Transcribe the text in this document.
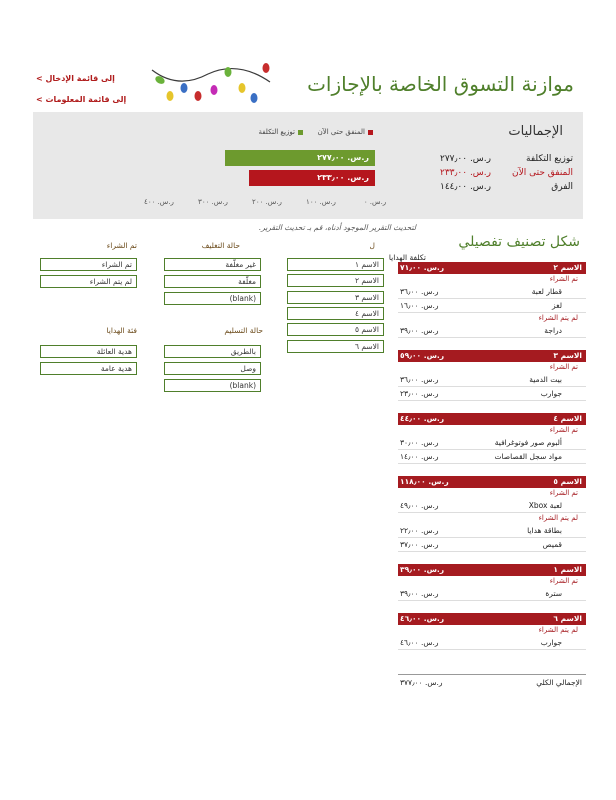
موازنة التسوق الخاصة بالإجازات
إلى قائمة الإدخال >
إلى قائمة المعلومات >
الإجماليات
توزيع التكلفة
المنفق حتى الآن
الفرق
ر.س. ٢٧٧٫٠٠
ر.س. ٢٣٣٫٠٠
ر.س. ١٤٤٫٠٠
المنفق حتى الآن
توزيع التكلفة
ر.س. ٢٧٧٫٠٠
ر.س. ٢٣٣٫٠٠
ر.س. ٠
ر.س. ١٠٠
ر.س. ٢٠٠
ر.س. ٣٠٠
ر.س. ٤٠٠
لتحديث التقرير الموجود أدناه، قم بـ تحديث التقرير.
شكل تصنيف تفصيلي
تكلفة الهدايا
الاسم ٢
ر.س. ٧١٫٠٠
تم الشراء
قطار لعبة
ر.س. ٣٦٫٠٠
لغز
ر.س. ١٦٫٠٠
لم يتم الشراء
دراجة
ر.س. ٣٩٫٠٠
الاسم ٣
ر.س. ٥٩٫٠٠
تم الشراء
بيت الدمية
ر.س. ٣٦٫٠٠
جوارب
ر.س. ٢٣٫٠٠
الاسم ٤
ر.س. ٤٤٫٠٠
تم الشراء
ألبوم صور فوتوغرافية
ر.س. ٣٠٫٠٠
مواد سجل القصاصات
ر.س. ١٤٫٠٠
الاسم ٥
ر.س. ١١٨٫٠٠
تم الشراء
لعبة Xbox
ر.س. ٤٩٫٠٠
لم يتم الشراء
بطاقة هدايا
ر.س. ٢٢٫٠٠
قميص
ر.س. ٣٧٫٠٠
الاسم ١
ر.س. ٣٩٫٠٠
تم الشراء
سترة
ر.س. ٣٩٫٠٠
الاسم ٦
ر.س. ٤٦٫٠٠
لم يتم الشراء
جوارب
ر.س. ٤٦٫٠٠
الإجمالي الكلي
ر.س. ٣٧٧٫٠٠
ل
الاسم ١
الاسم ٢
الاسم ٣
الاسم ٤
الاسم ٥
الاسم ٦
حالة التغليف
غير مغلّفة
مغلّفة
(blank)
تم الشراء
تم الشراء
لم يتم الشراء
حالة التسليم
بالطريق
وصل
(blank)
فئة الهدايا
هدية العائلة
هدية عامة
